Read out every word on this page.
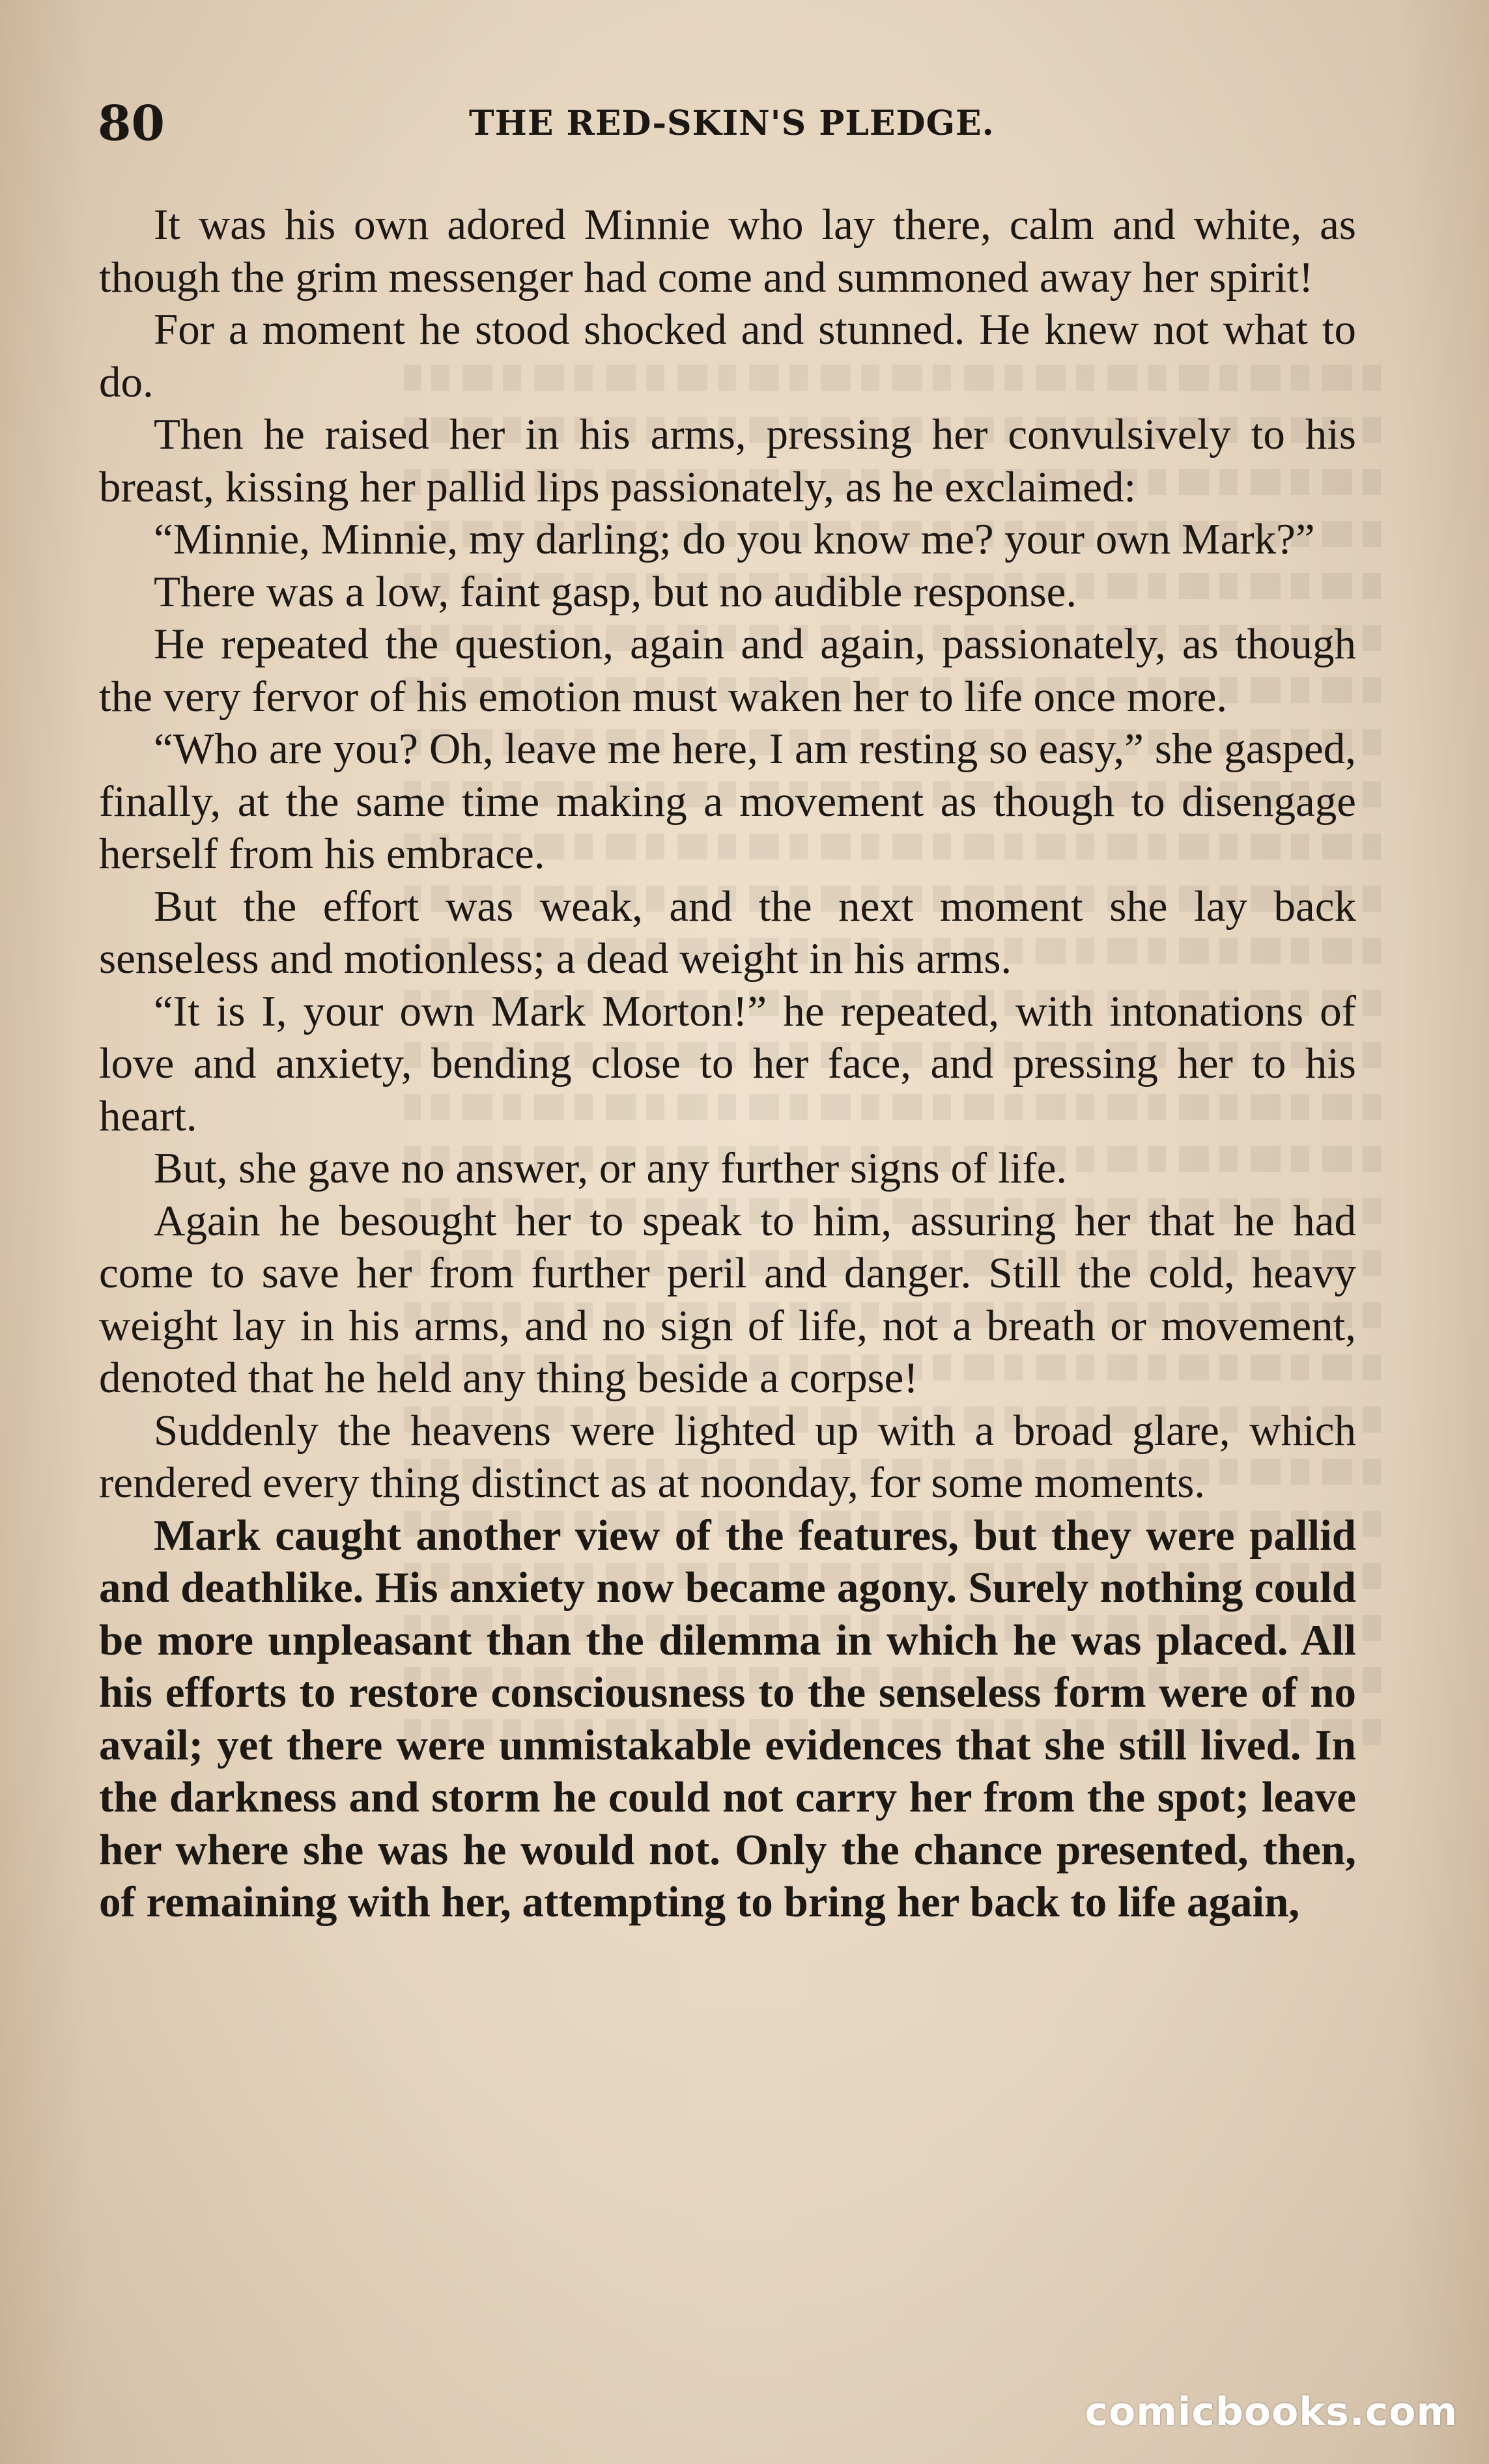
80	THE RED-SKIN'S PLEDGE.

It was his own adored Minnie who lay there, calm and white, as though the grim messenger had come and summoned away her spirit!

For a moment he stood shocked and stunned. He knew not what to do.

Then he raised her in his arms, pressing her convulsively to his breast, kissing her pallid lips passionately, as he exclaimed:

“Minnie, Minnie, my darling; do you know me? your own Mark?”

There was a low, faint gasp, but no audible response.

He repeated the question, again and again, passionately, as though the very fervor of his emotion must waken her to life once more.

“Who are you? Oh, leave me here, I am resting so easy,” she gasped, finally, at the same time making a movement as though to disengage herself from his embrace.

But the effort was weak, and the next moment she lay back senseless and motionless; a dead weight in his arms.

“It is I, your own Mark Morton!” he repeated, with intonations of love and anxiety, bending close to her face, and pressing her to his heart.

But, she gave no answer, or any further signs of life.

Again he besought her to speak to him, assuring her that he had come to save her from further peril and danger. Still the cold, heavy weight lay in his arms, and no sign of life, not a breath or movement, denoted that he held any thing beside a corpse!

Suddenly the heavens were lighted up with a broad glare, which rendered every thing distinct as at noonday, for some moments.

Mark caught another view of the features, but they were pallid and deathlike. His anxiety now became agony. Surely nothing could be more unpleasant than the dilemma in which he was placed. All his efforts to restore consciousness to the senseless form were of no avail; yet there were unmistakable evidences that she still lived. In the darkness and storm he could not carry her from the spot; leave her where she was he would not. Only the chance presented, then, of remaining with her, attempting to bring her back to life again,

comicbooks.com
